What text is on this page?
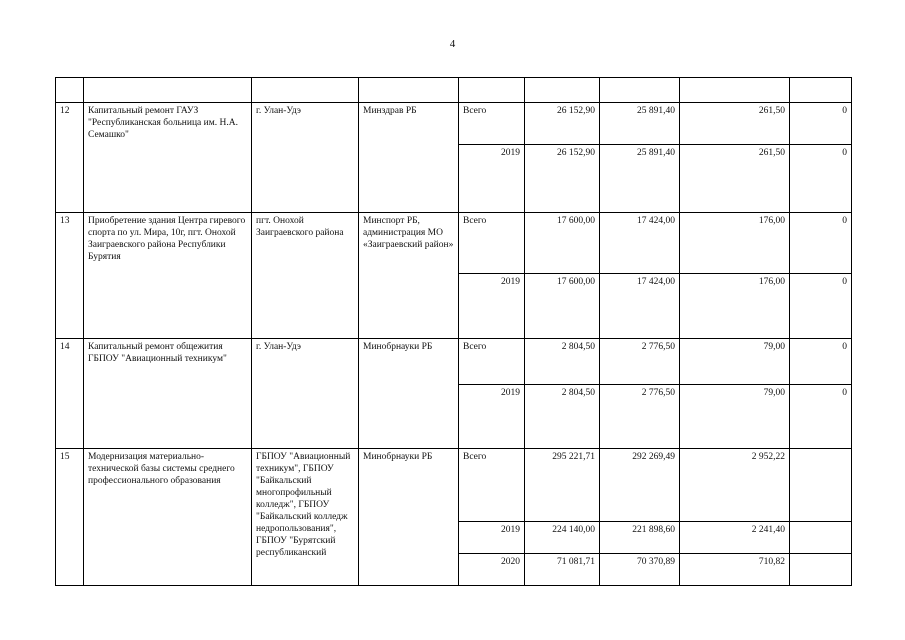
4

12	Капитальный ремонт ГАУЗ "Республиканская больница им. Н.А. Семашко"	г. Улан-Удэ	Минздрав РБ	Всего	26 152,90	25 891,40	261,50	0
				2019	26 152,90	25 891,40	261,50	0
13	Приобретение здания Центра гиревого спорта по ул. Мира, 10г, пгт. Онохой Заиграевского района Республики Бурятия	пгт. Онохой Заиграевского района	Минспорт РБ, администрация МО «Заиграевский район»	Всего	17 600,00	17 424,00	176,00	0
				2019	17 600,00	17 424,00	176,00	0
14	Капитальный ремонт общежития ГБПОУ "Авиационный техникум"	г. Улан-Удэ	Минобрнауки РБ	Всего	2 804,50	2 776,50	79,00	0
				2019	2 804,50	2 776,50	79,00	0
15	Модернизация материально-технической базы системы среднего профессионального образования	ГБПОУ "Авиационный техникум", ГБПОУ "Байкальский многопрофильный колледж", ГБПОУ "Байкальский колледж недропользования", ГБПОУ "Бурятский республиканский	Минобрнауки РБ	Всего	295 221,71	292 269,49	2 952,22	
				2019	224 140,00	221 898,60	2 241,40	
				2020	71 081,71	70 370,89	710,82	
